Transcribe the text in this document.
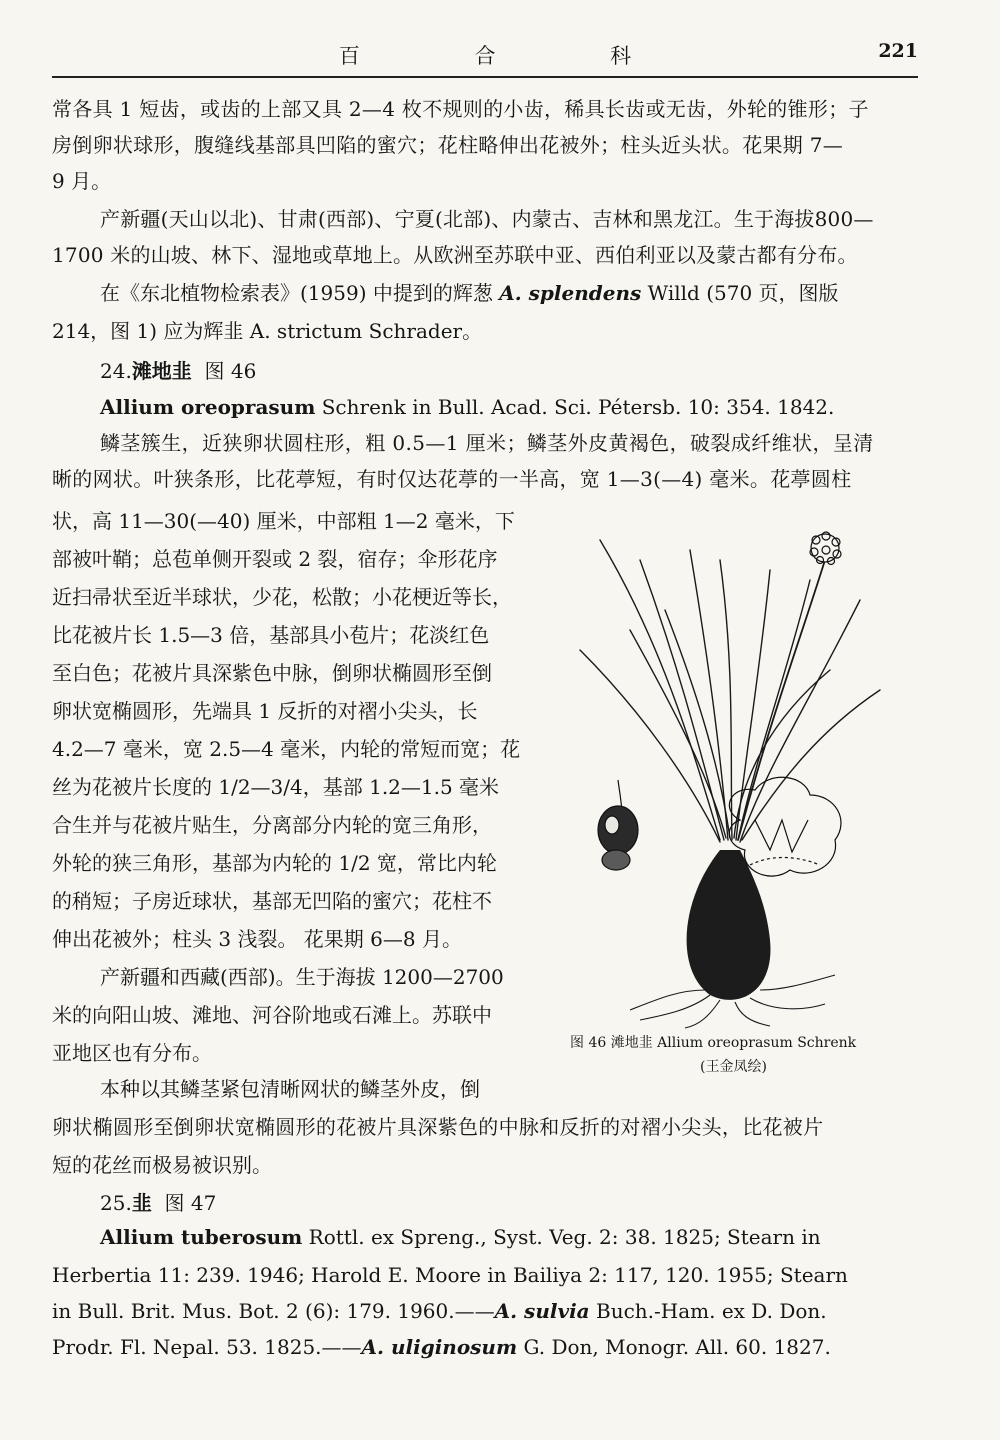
百 合 科	221
常各具 1 短齿，或齿的上部又具 2—4 枚不规则的小齿，稀具长齿或无齿，外轮的锥形；子
房倒卵状球形，腹缝线基部具凹陷的蜜穴；花柱略伸出花被外；柱头近头状。花果期 7—
9 月。
产新疆(天山以北)、甘肃(西部)、宁夏(北部)、内蒙古、吉林和黑龙江。生于海拔800—
1700 米的山坡、林下、湿地或草地上。从欧洲至苏联中亚、西伯利亚以及蒙古都有分布。
在《东北植物检索表》(1959) 中提到的辉葱 A. splendens Willd (570 页，图版
214，图 1) 应为辉韭 A. strictum Schrader。
24.滩地韭 图 46
Allium oreoprasum Schrenk in Bull. Acad. Sci. Pétersb. 10: 354. 1842.
鳞茎簇生，近狭卵状圆柱形，粗 0.5—1 厘米；鳞茎外皮黄褐色，破裂成纤维状，呈清
晰的网状。叶狭条形，比花葶短，有时仅达花葶的一半高，宽 1—3(—4) 毫米。花葶圆柱
状，高 11—30(—40) 厘米，中部粗 1—2 毫米，下
部被叶鞘；总苞单侧开裂或 2 裂，宿存；伞形花序
近扫帚状至近半球状，少花，松散；小花梗近等长，
比花被片长 1.5—3 倍，基部具小苞片；花淡红色
至白色；花被片具深紫色中脉，倒卵状椭圆形至倒
卵状宽椭圆形，先端具 1 反折的对褶小尖头，长
4.2—7 毫米，宽 2.5—4 毫米，内轮的常短而宽；花
丝为花被片长度的 1/2—3/4，基部 1.2—1.5 毫米
合生并与花被片贴生，分离部分内轮的宽三角形，
外轮的狭三角形，基部为内轮的 1/2 宽，常比内轮
的稍短；子房近球状，基部无凹陷的蜜穴；花柱不
伸出花被外；柱头 3 浅裂。 花果期 6—8 月。
产新疆和西藏(西部)。生于海拔 1200—2700
米的向阳山坡、滩地、河谷阶地或石滩上。苏联中
亚地区也有分布。
本种以其鳞茎紧包清晰网状的鳞茎外皮，倒
卵状椭圆形至倒卵状宽椭圆形的花被片具深紫色的中脉和反折的对褶小尖头，比花被片
短的花丝而极易被识别。
图 46 滩地韭 Allium oreoprasum Schrenk
(王金凤绘)
25.韭 图 47
Allium tuberosum Rottl. ex Spreng., Syst. Veg. 2: 38. 1825; Stearn in
Herbertia 11: 239. 1946; Harold E. Moore in Bailiya 2: 117, 120. 1955; Stearn
in Bull. Brit. Mus. Bot. 2 (6): 179. 1960.——A. sulvia Buch.-Ham. ex D. Don.
Prodr. Fl. Nepal. 53. 1825.——A. uliginosum G. Don, Monogr. All. 60. 1827.
